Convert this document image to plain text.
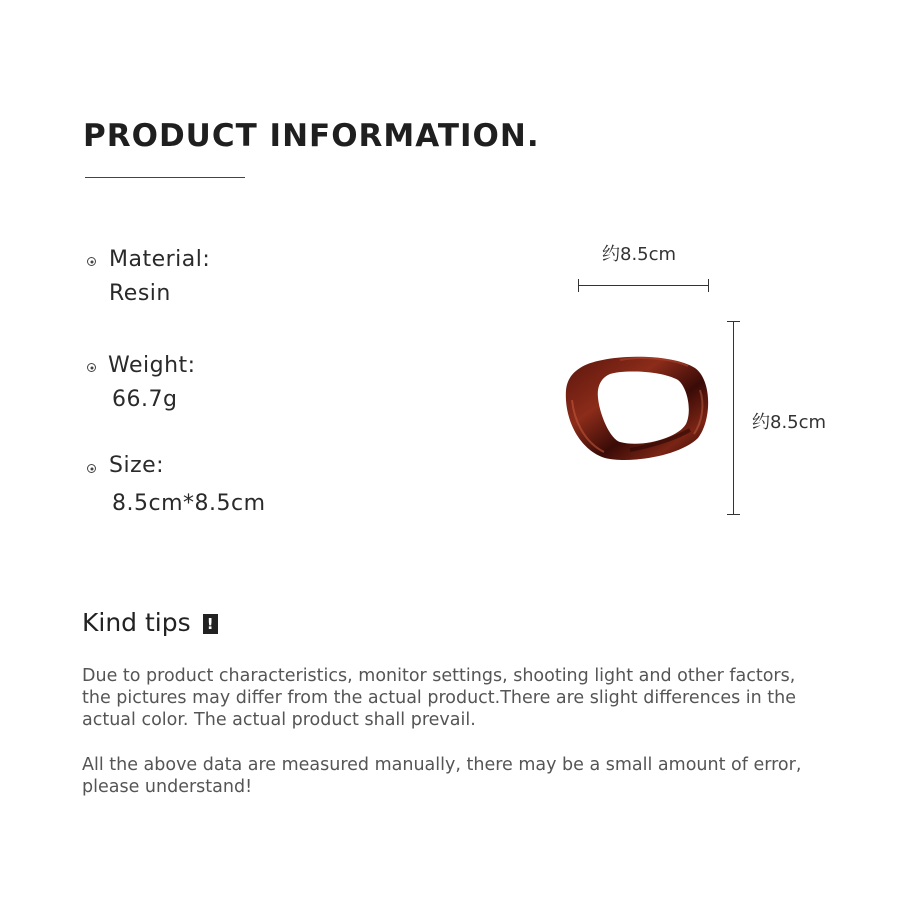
PRODUCT INFORMATION.
Material:
Resin
Weight:
66.7g
Size:
8.5cm*8.5cm
约8.5cm
约8.5cm
Kind tips !
Due to product characteristics, monitor settings, shooting light and other factors, the pictures may differ from the actual product.There are slight differences in the actual color. The actual product shall prevail.
All the above data are measured manually, there may be a small amount of error, please understand!
